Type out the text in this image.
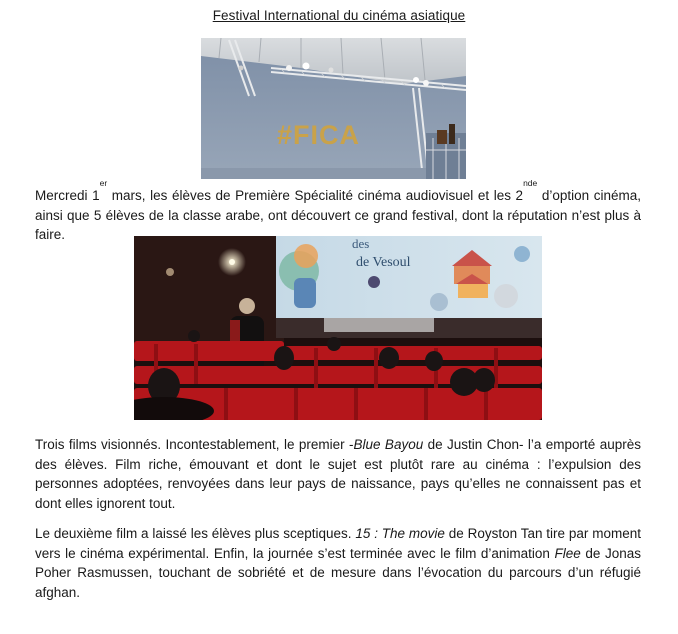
Festival International du cinéma asiatique
#FICA

Mercredi 1er mars, les élèves de Première Spécialité cinéma audiovisuel et les 2nde d’option cinéma, ainsi que 5 élèves de la classe arabe, ont découvert ce grand festival, dont la réputation n’est plus à faire.

des
de Vesoul

Trois films visionnés. Incontestablement, le premier -Blue Bayou de Justin Chon- l’a emporté auprès des élèves. Film riche, émouvant et dont le sujet est plutôt rare au cinéma : l’expulsion des personnes adoptées, renvoyées dans leur pays de naissance, pays qu’elles ne connaissent pas et dont elles ignorent tout.

Le deuxième film a laissé les élèves plus sceptiques. 15 : The movie de Royston Tan tire par moment vers le cinéma expérimental. Enfin, la journée s’est terminée avec le film d’animation Flee de Jonas Poher Rasmussen, touchant de sobriété et de mesure dans l’évocation du parcours d’un réfugié afghan.
